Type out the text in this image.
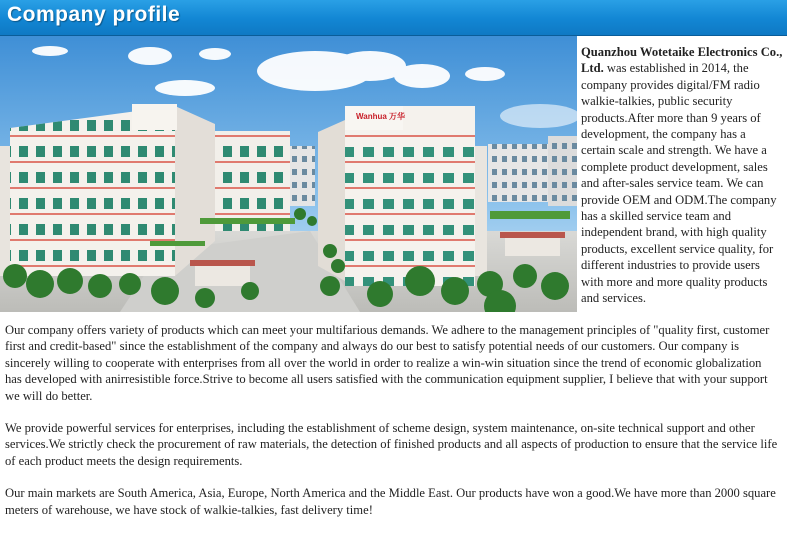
Company profile
Wanhua 万华
Quanzhou Wotetaike Electronics Co., Ltd. was established in 2014, the company provides digital/FM radio walkie-talkies, public security products.After more than 9 years of development, the company has a certain scale and strength. We have a complete product development, sales and after-sales service team. We can provide OEM and ODM.The company has a skilled service team and independent brand, with high quality products, excellent service quality, for different industries to provide users with more and more quality products and services.

Our company offers variety of products which can meet your multifarious demands. We adhere to the management principles of "quality first, customer first and credit-based" since the establishment of the company and always do our best to satisfy potential needs of our customers. Our company is sincerely willing to cooperate with enterprises from all over the world in order to realize a win-win situation since the trend of economic globalization has developed with anirresistible force.Strive to become all users satisfied with the communication equipment supplier, I believe that with your support we will do better.

We provide powerful services for enterprises, including the establishment of scheme design, system maintenance, on-site technical support and other services.We strictly check the procurement of raw materials, the detection of finished products and all aspects of production to ensure that the service life of each product meets the design requirements.

Our main markets are South America, Asia, Europe, North America and the Middle East. Our products have won a good.We have more than 2000 square meters of warehouse, we have stock of walkie-talkies, fast delivery time!
